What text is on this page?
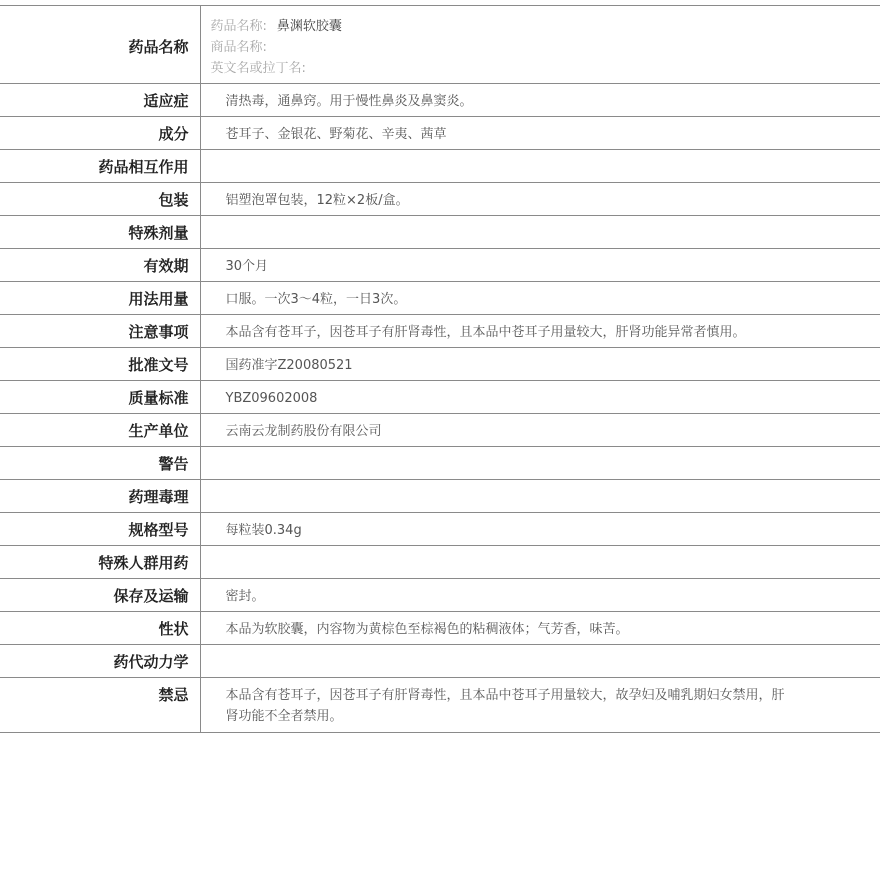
药品名称	药品名称: 鼻渊软胶囊
商品名称:
英文名或拉丁名:

适应症	清热毒，通鼻窍。用于慢性鼻炎及鼻窦炎。
成分	苍耳子、金银花、野菊花、辛夷、茜草
药品相互作用	
包装	铝塑泡罩包装，12粒×2板/盒。
特殊剂量	
有效期	30个月
用法用量	口服。一次3～4粒，一日3次。
注意事项	本品含有苍耳子，因苍耳子有肝肾毒性，且本品中苍耳子用量较大，肝肾功能异常者慎用。
批准文号	国药准字Z20080521
质量标准	YBZ09602008
生产单位	云南云龙制药股份有限公司
警告	
药理毒理	
规格型号	每粒装0.34g
特殊人群用药	
保存及运输	密封。
性状	本品为软胶囊，内容物为黄棕色至棕褐色的粘稠液体；气芳香，味苦。
药代动力学	
禁忌	本品含有苍耳子，因苍耳子有肝肾毒性，且本品中苍耳子用量较大，故孕妇及哺乳期妇女禁用，肝肾功能不全者禁用。
